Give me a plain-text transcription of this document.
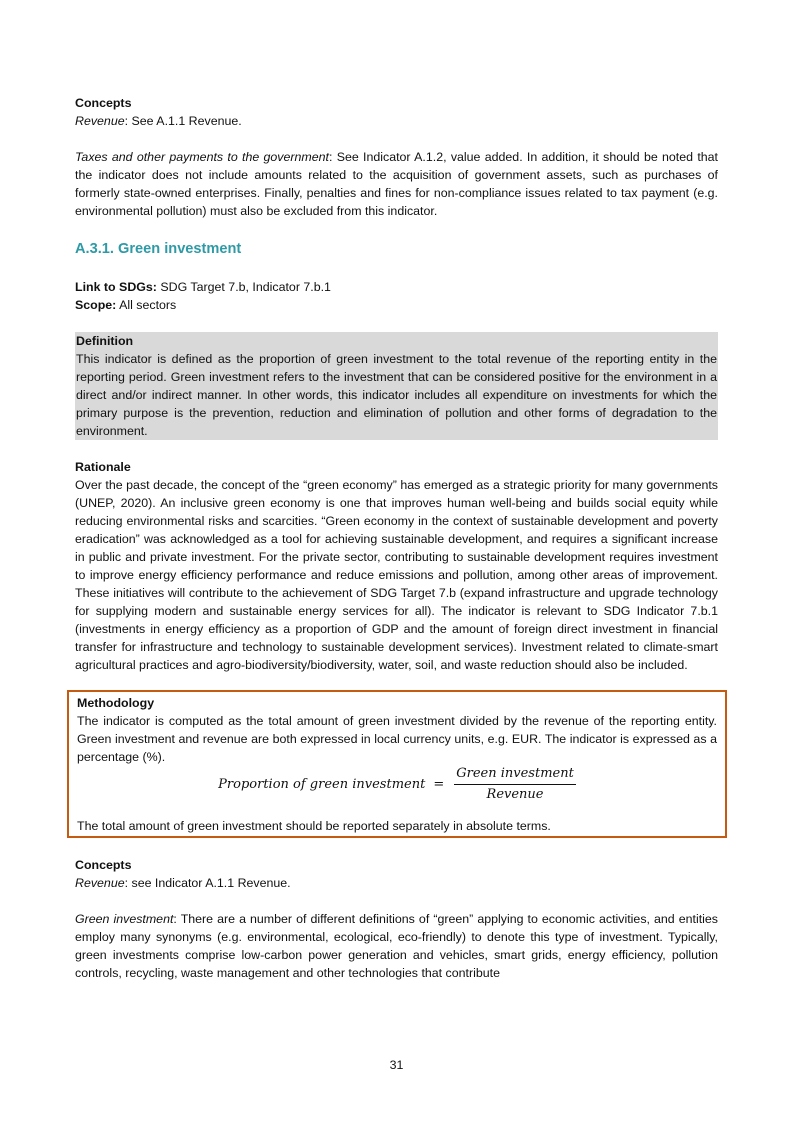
Concepts

Revenue: See A.1.1 Revenue.

Taxes and other payments to the government: See Indicator A.1.2, value added. In addition, it should be noted that the indicator does not include amounts related to the acquisition of government assets, such as purchases of formerly state-owned enterprises. Finally, penalties and fines for non-compliance issues related to tax payment (e.g. environmental pollution) must also be excluded from this indicator.

A.3.1. Green investment
Link to SDGs: SDG Target 7.b, Indicator 7.b.1
Scope: All sectors
Definition

This indicator is defined as the proportion of green investment to the total revenue of the reporting entity in the reporting period. Green investment refers to the investment that can be considered positive for the environment in a direct and/or indirect manner. In other words, this indicator includes all expenditure on investments for which the primary purpose is the prevention, reduction and elimination of pollution and other forms of degradation to the environment.

Rationale

Over the past decade, the concept of the “green economy” has emerged as a strategic priority for many governments (UNEP, 2020). An inclusive green economy is one that improves human well-being and builds social equity while reducing environmental risks and scarcities. “Green economy in the context of sustainable development and poverty eradication” was acknowledged as a tool for achieving sustainable development, and requires a significant increase in public and private investment. For the private sector, contributing to sustainable development requires investment to improve energy efficiency performance and reduce emissions and pollution, among other areas of improvement. These initiatives will contribute to the achievement of SDG Target 7.b (expand infrastructure and upgrade technology for supplying modern and sustainable energy services for all). The indicator is relevant to SDG Indicator 7.b.1 (investments in energy efficiency as a proportion of GDP and the amount of foreign direct investment in financial transfer for infrastructure and technology to sustainable development services). Investment related to climate-smart agricultural practices and agro-biodiversity/biodiversity, water, soil, and waste reduction should also be included.

Methodology

The indicator is computed as the total amount of green investment divided by the revenue of the reporting entity. Green investment and revenue are both expressed in local currency units, e.g. EUR. The indicator is expressed as a percentage (%).

Proportion of green investment = $\frac{\text{Green investment}}{\text{Revenue}}$

The total amount of green investment should be reported separately in absolute terms.

Concepts

Revenue: see Indicator A.1.1 Revenue.

Green investment: There are a number of different definitions of “green” applying to economic activities, and entities employ many synonyms (e.g. environmental, ecological, eco-friendly) to denote this type of investment. Typically, green investments comprise low-carbon power generation and vehicles, smart grids, energy efficiency, pollution controls, recycling, waste management and other technologies that contribute

31
